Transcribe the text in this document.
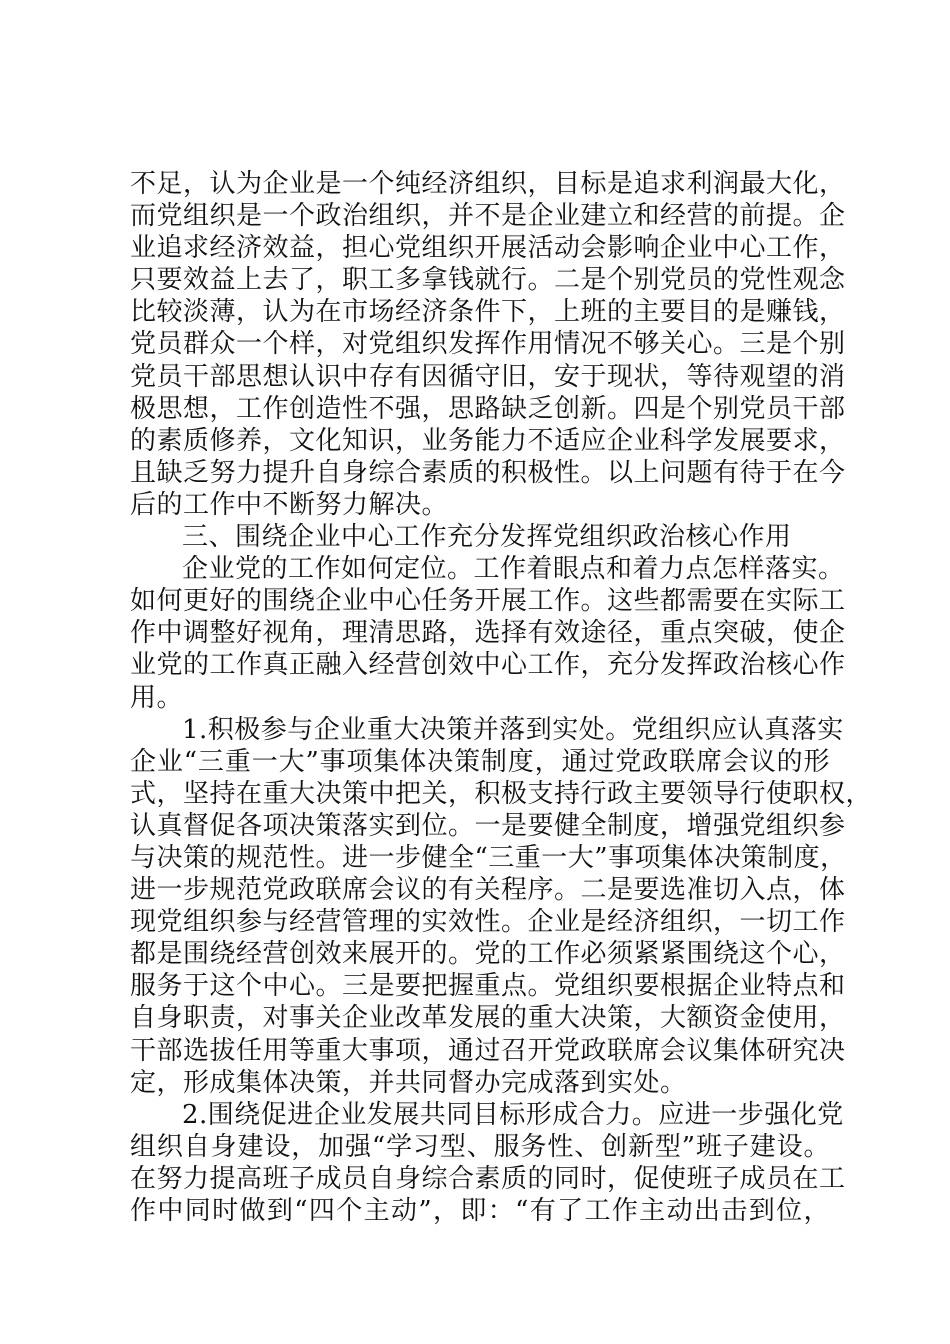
不足，认为企业是一个纯经济组织，目标是追求利润最大化，
而党组织是一个政治组织，并不是企业建立和经营的前提。企
业追求经济效益，担心党组织开展活动会影响企业中心工作，
只要效益上去了，职工多拿钱就行。二是个别党员的党性观念
比较淡薄，认为在市场经济条件下，上班的主要目的是赚钱，
党员群众一个样，对党组织发挥作用情况不够关心。三是个别
党员干部思想认识中存有因循守旧，安于现状，等待观望的消
极思想，工作创造性不强，思路缺乏创新。四是个别党员干部
的素质修养，文化知识，业务能力不适应企业科学发展要求，
且缺乏努力提升自身综合素质的积极性。以上问题有待于在今
后的工作中不断努力解决。
三、围绕企业中心工作充分发挥党组织政治核心作用
企业党的工作如何定位。工作着眼点和着力点怎样落实。
如何更好的围绕企业中心任务开展工作。这些都需要在实际工
作中调整好视角，理清思路，选择有效途径，重点突破，使企
业党的工作真正融入经营创效中心工作，充分发挥政治核心作
用。
1.积极参与企业重大决策并落到实处。党组织应认真落实
企业“三重一大”事项集体决策制度，通过党政联席会议的形
式，坚持在重大决策中把关，积极支持行政主要领导行使职权，
认真督促各项决策落实到位。一是要健全制度，增强党组织参
与决策的规范性。进一步健全“三重一大”事项集体决策制度，
进一步规范党政联席会议的有关程序。二是要选准切入点，体
现党组织参与经营管理的实效性。企业是经济组织，一切工作
都是围绕经营创效来展开的。党的工作必须紧紧围绕这个心，
服务于这个中心。三是要把握重点。党组织要根据企业特点和
自身职责，对事关企业改革发展的重大决策，大额资金使用，
干部选拔任用等重大事项，通过召开党政联席会议集体研究决
定，形成集体决策，并共同督办完成落到实处。
2.围绕促进企业发展共同目标形成合力。应进一步强化党
组织自身建设，加强“学习型、服务性、创新型”班子建设。
在努力提高班子成员自身综合素质的同时，促使班子成员在工
作中同时做到“四个主动”，即：“有了工作主动出击到位，
